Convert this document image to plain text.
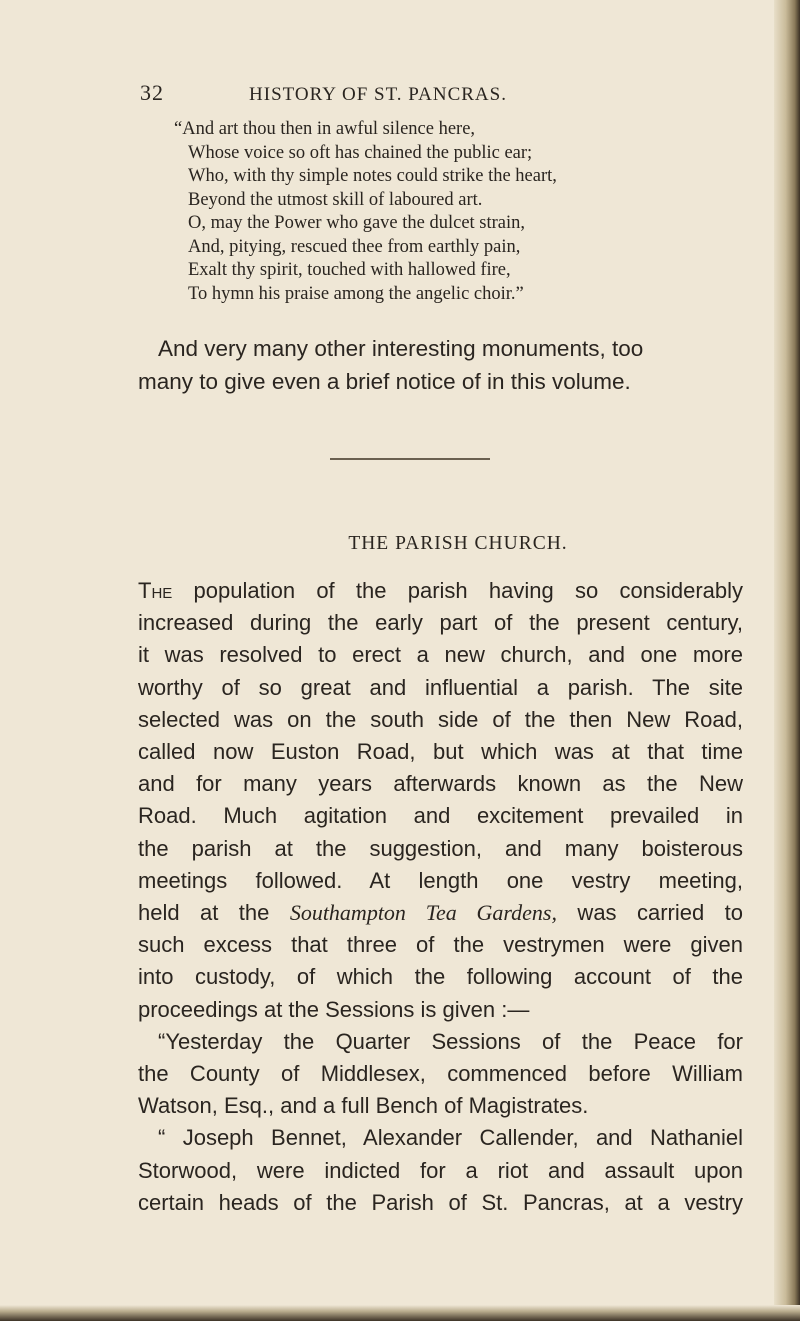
32	HISTORY OF ST. PANCRAS.
“And art thou then in awful silence here,
Whose voice so oft has chained the public ear;
Who, with thy simple notes could strike the heart,
Beyond the utmost skill of laboured art.
O, may the Power who gave the dulcet strain,
And, pitying, rescued thee from earthly pain,
Exalt thy spirit, touched with hallowed fire,
To hymn his praise among the angelic choir.”
And very many other interesting monuments, too
many to give even a brief notice of in this volume.
THE PARISH CHURCH.
The population of the parish having so considerably
increased during the early part of the present century,
it was resolved to erect a new church, and one more
worthy of so great and influential a parish. The site
selected was on the south side of the then New Road,
called now Euston Road, but which was at that time
and for many years afterwards known as the New
Road. Much agitation and excitement prevailed in
the parish at the suggestion, and many boisterous
meetings followed. At length one vestry meeting,
held at the Southampton Tea Gardens, was carried to
such excess that three of the vestrymen were given
into custody, of which the following account of the
proceedings at the Sessions is given :—
“Yesterday the Quarter Sessions of the Peace for
the County of Middlesex, commenced before William
Watson, Esq., and a full Bench of Magistrates.
“ Joseph Bennet, Alexander Callender, and Nathaniel
Storwood, were indicted for a riot and assault upon
certain heads of the Parish of St. Pancras, at a vestry
